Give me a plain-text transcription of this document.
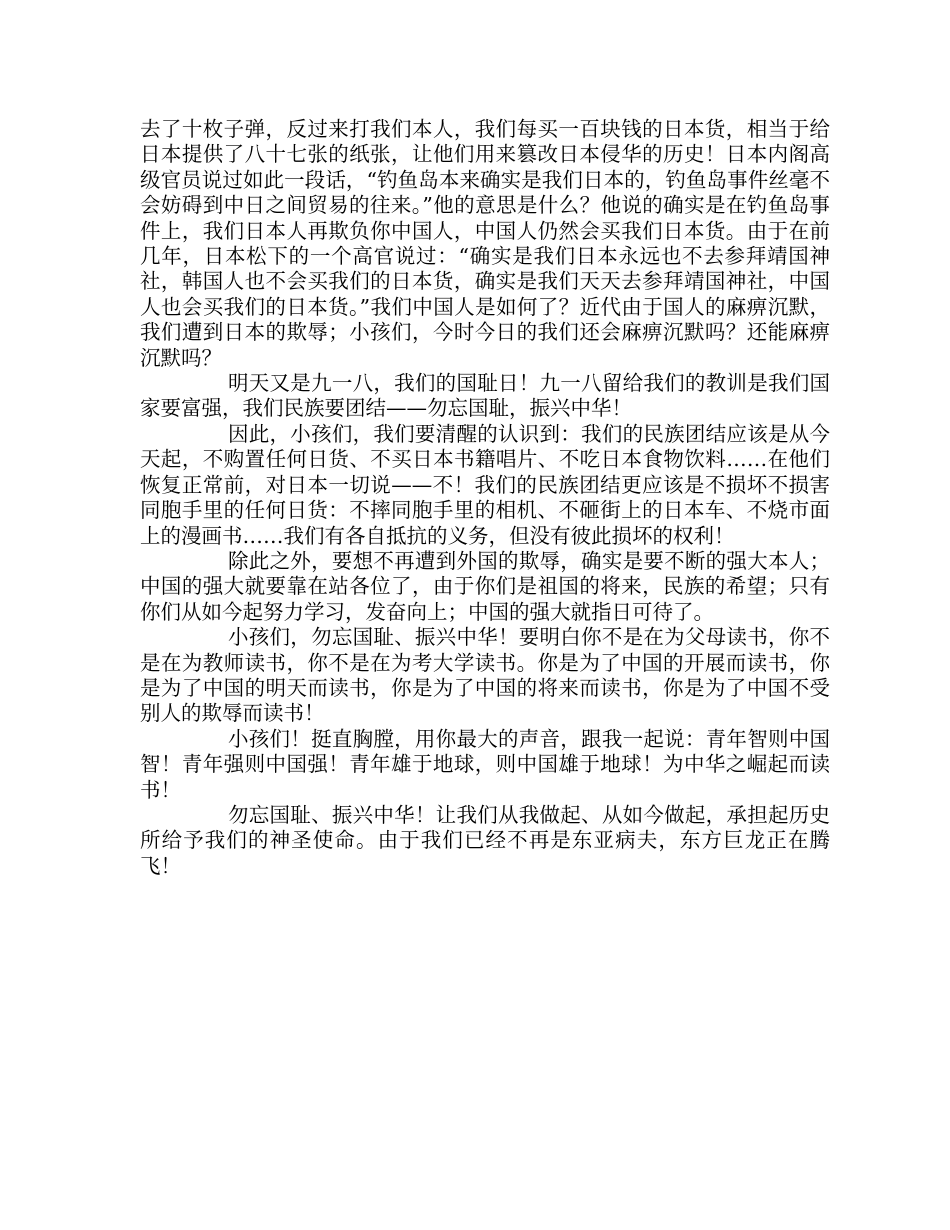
去了十枚子弹，反过来打我们本人，我们每买一百块钱的日本货，相当于给日本提供了八十七张的纸张，让他们用来篡改日本侵华的历史！日本内阁高级官员说过如此一段话，“钓鱼岛本来确实是我们日本的，钓鱼岛事件丝毫不会妨碍到中日之间贸易的往来。”他的意思是什么？他说的确实是在钓鱼岛事件上，我们日本人再欺负你中国人，中国人仍然会买我们日本货。由于在前几年，日本松下的一个高官说过：“确实是我们日本永远也不去参拜靖国神社，韩国人也不会买我们的日本货，确实是我们天天去参拜靖国神社，中国人也会买我们的日本货。”我们中国人是如何了？近代由于国人的麻痹沉默，我们遭到日本的欺辱；小孩们，今时今日的我们还会麻痹沉默吗？还能麻痹沉默吗？

明天又是九一八，我们的国耻日！九一八留给我们的教训是我们国家要富强，我们民族要团结——勿忘国耻，振兴中华！

因此，小孩们，我们要清醒的认识到：我们的民族团结应该是从今天起，不购置任何日货、不买日本书籍唱片、不吃日本食物饮料……在他们恢复正常前，对日本一切说——不！我们的民族团结更应该是不损坏不损害同胞手里的任何日货：不摔同胞手里的相机、不砸街上的日本车、不烧市面上的漫画书……我们有各自抵抗的义务，但没有彼此损坏的权利！

除此之外，要想不再遭到外国的欺辱，确实是要不断的强大本人；中国的强大就要靠在站各位了，由于你们是祖国的将来，民族的希望；只有你们从如今起努力学习，发奋向上；中国的强大就指日可待了。

小孩们，勿忘国耻、振兴中华！要明白你不是在为父母读书，你不是在为教师读书，你不是在为考大学读书。你是为了中国的开展而读书，你是为了中国的明天而读书，你是为了中国的将来而读书，你是为了中国不受别人的欺辱而读书！

小孩们！挺直胸膛，用你最大的声音，跟我一起说：青年智则中国智！青年强则中国强！青年雄于地球，则中国雄于地球！为中华之崛起而读书！

勿忘国耻、振兴中华！让我们从我做起、从如今做起，承担起历史所给予我们的神圣使命。由于我们已经不再是东亚病夫，东方巨龙正在腾飞！
